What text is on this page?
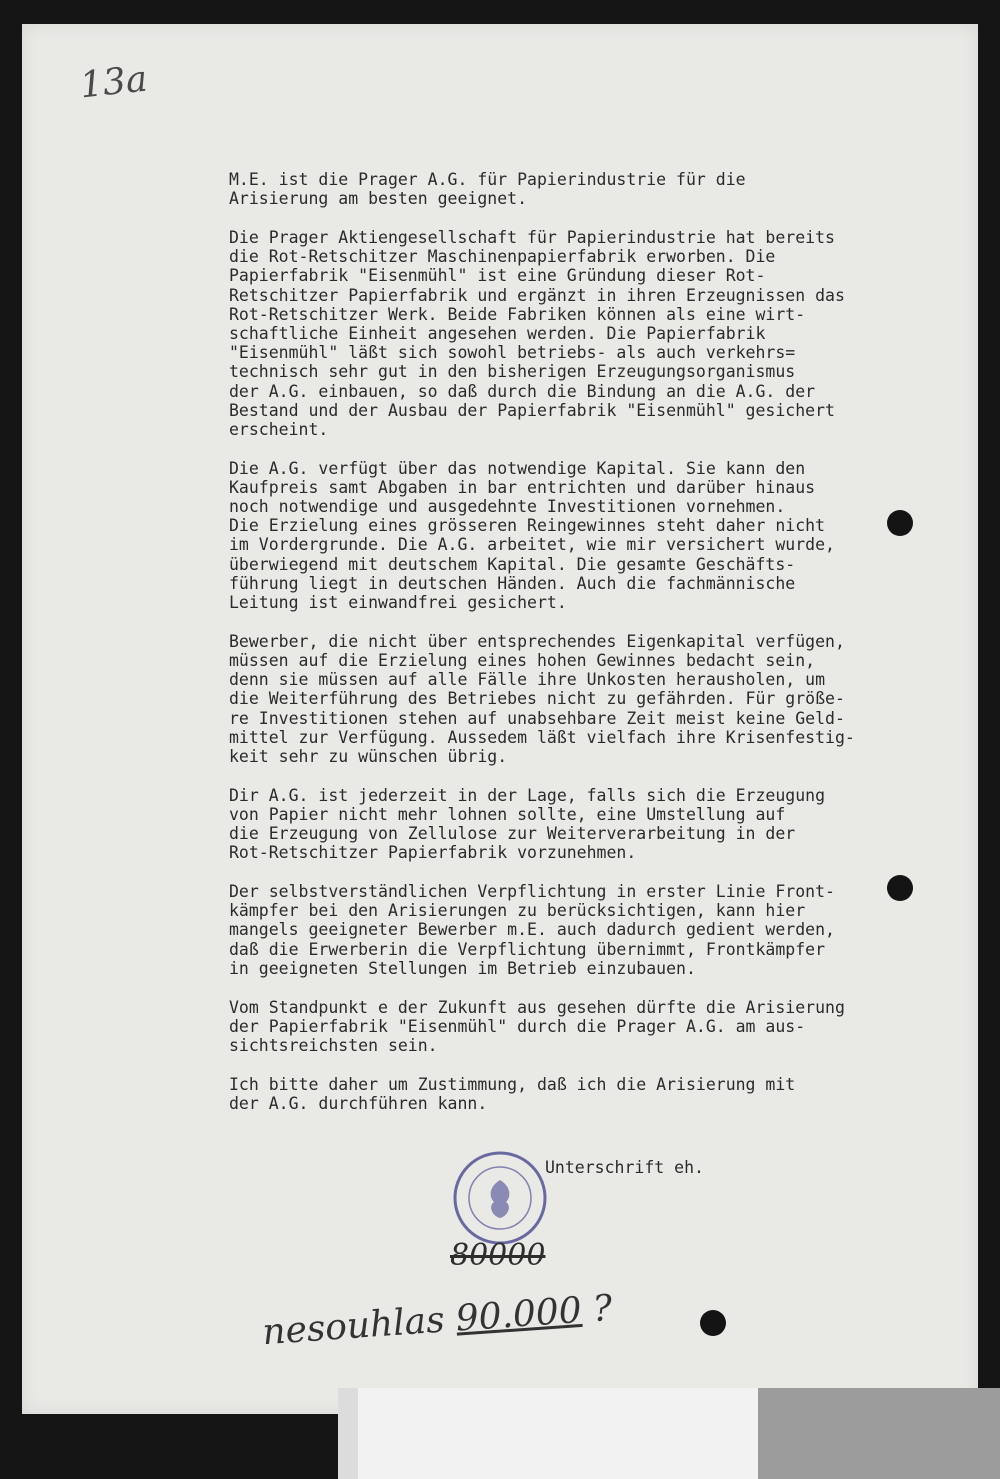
13a

M.E. ist die Prager A.G. für Papierindustrie für die
Arisierung am besten geeignet.

Die Prager Aktiengesellschaft für Papierindustrie hat bereits
die Rot-Retschitzer Maschinenpapierfabrik erworben. Die
Papierfabrik "Eisenmühl" ist eine Gründung dieser Rot-
Retschitzer Papierfabrik und ergänzt in ihren Erzeugnissen das
Rot-Retschitzer Werk. Beide Fabriken können als eine wirt-
schaftliche Einheit angesehen werden. Die Papierfabrik
"Eisenmühl" läßt sich sowohl betriebs- als auch verkehrs=
technisch sehr gut in den bisherigen Erzeugungsorganismus
der A.G. einbauen, so daß durch die Bindung an die A.G. der
Bestand und der Ausbau der Papierfabrik "Eisenmühl" gesichert
erscheint.

Die A.G. verfügt über das notwendige Kapital. Sie kann den
Kaufpreis samt Abgaben in bar entrichten und darüber hinaus
noch notwendige und ausgedehnte Investitionen vornehmen.
Die Erzielung eines grösseren Reingewinnes steht daher nicht
im Vordergrunde. Die A.G. arbeitet, wie mir versichert wurde,
überwiegend mit deutschem Kapital. Die gesamte Geschäfts-
führung liegt in deutschen Händen. Auch die fachmännische
Leitung ist einwandfrei gesichert.

Bewerber, die nicht über entsprechendes Eigenkapital verfügen,
müssen auf die Erzielung eines hohen Gewinnes bedacht sein,
denn sie müssen auf alle Fälle ihre Unkosten herausholen, um
die Weiterführung des Betriebes nicht zu gefährden. Für größe-
re Investitionen stehen auf unabsehbare Zeit meist keine Geld-
mittel zur Verfügung. Aussedem läßt vielfach ihre Krisenfestig-
keit sehr zu wünschen übrig.

Dir A.G. ist jederzeit in der Lage, falls sich die Erzeugung
von Papier nicht mehr lohnen sollte, eine Umstellung auf
die Erzeugung von Zellulose zur Weiterverarbeitung in der
Rot-Retschitzer Papierfabrik vorzunehmen.

Der selbstverständlichen Verpflichtung in erster Linie Front-
kämpfer bei den Arisierungen zu berücksichtigen, kann hier
mangels geeigneter Bewerber m.E. auch dadurch gedient werden,
daß die Erwerberin die Verpflichtung übernimmt, Frontkämpfer
in geeigneten Stellungen im Betrieb einzubauen.

Vom Standpunkt e der Zukunft aus gesehen dürfte die Arisierung
der Papierfabrik "Eisenmühl" durch die Prager A.G. am aus-
sichtsreichsten sein.

Ich bitte daher um Zustimmung, daß ich die Arisierung mit
der A.G. durchführen kann.

Unterschrift eh.
80000
nesouhlas 90.000 ?
